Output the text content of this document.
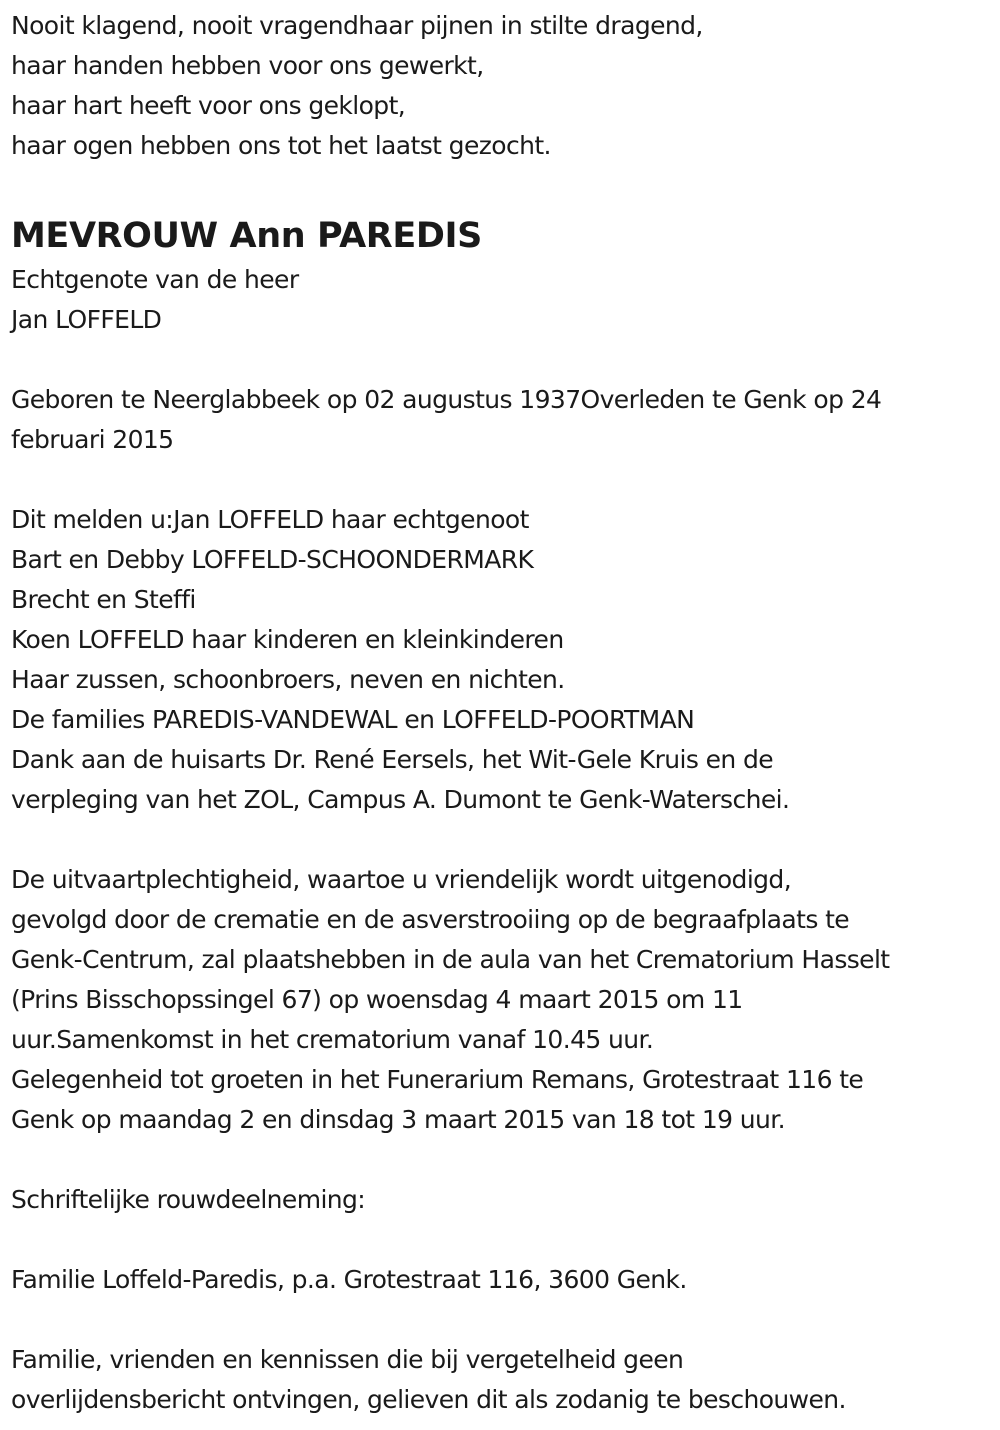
Nooit klagend, nooit vragendhaar pijnen in stilte dragend,
haar handen hebben voor ons gewerkt,
haar hart heeft voor ons geklopt,
haar ogen hebben ons tot het laatst gezocht.
MEVROUW Ann PAREDIS
Echtgenote van de heer
Jan LOFFELD
Geboren te Neerglabbeek op 02 augustus 1937Overleden te Genk op 24
februari 2015
Dit melden u:Jan LOFFELD haar echtgenoot
Bart en Debby LOFFELD-SCHOONDERMARK
Brecht en Steffi
Koen LOFFELD haar kinderen en kleinkinderen
Haar zussen, schoonbroers, neven en nichten.
De families PAREDIS-VANDEWAL en LOFFELD-POORTMAN
Dank aan de huisarts Dr. René Eersels, het Wit-Gele Kruis en de
verpleging van het ZOL, Campus A. Dumont te Genk-Waterschei.
De uitvaartplechtigheid, waartoe u vriendelijk wordt uitgenodigd,
gevolgd door de crematie en de asverstrooiing op de begraafplaats te
Genk-Centrum, zal plaatshebben in de aula van het Crematorium Hasselt
(Prins Bisschopssingel 67) op woensdag 4 maart 2015 om 11
uur.Samenkomst in het crematorium vanaf 10.45 uur.
Gelegenheid tot groeten in het Funerarium Remans, Grotestraat 116 te
Genk op maandag 2 en dinsdag 3 maart 2015 van 18 tot 19 uur.
Schriftelijke rouwdeelneming:
Familie Loffeld-Paredis, p.a. Grotestraat 116, 3600 Genk.
Familie, vrienden en kennissen die bij vergetelheid geen
overlijdensbericht ontvingen, gelieven dit als zodanig te beschouwen.
